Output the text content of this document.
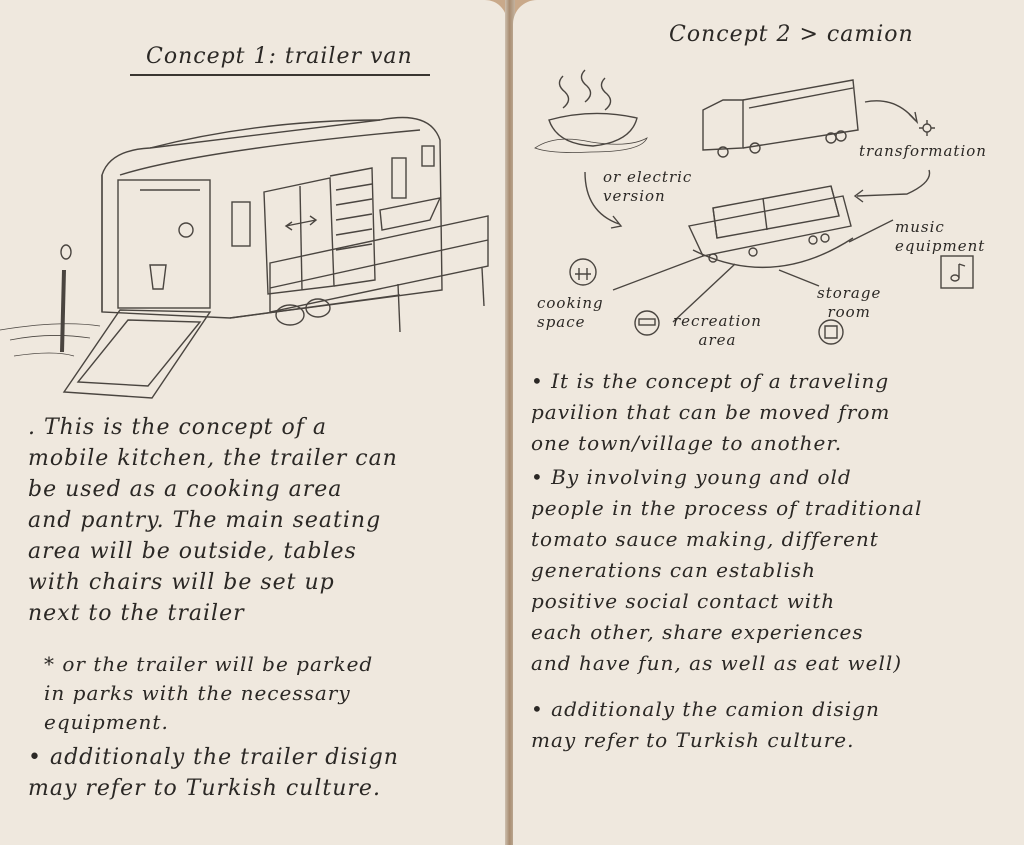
Concept 1: trailer van

. This is the concept of a
mobile kitchen, the trailer can
be used as a cooking area
and pantry. The main seating
area will be outside, tables
with chairs will be set up
next to the trailer

* or the trailer will be parked
in parks with the necessary
equipment.

• additionaly the trailer disign
may refer to Turkish culture.

Concept 2 > camion
or electric
version
transformation
music
equipment
cooking
space	recreation
area
storage
room

• It is the concept of a traveling
pavilion that can be moved from
one town/village to another.

• By involving young and old
people in the process of traditional
tomato sauce making, different
generations can establish
positive social contact with
each other, share experiences
and have fun, as well as eat well)

• additionaly the camion disign
may refer to Turkish culture.
